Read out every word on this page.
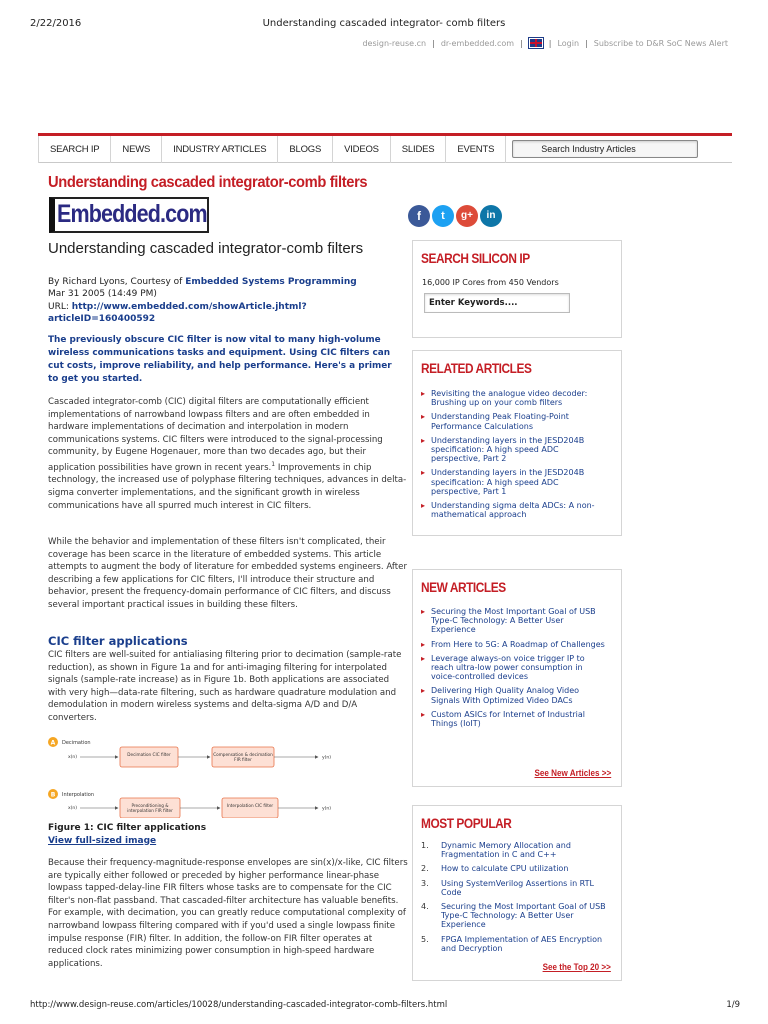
2/22/2016	Understanding cascaded integrator- comb filters
design-reuse.cn | dr-embedded.com |	| Login | Subscribe to D&R SoC News Alert
SEARCH IP	NEWS	INDUSTRY ARTICLES	BLOGS	VIDEOS	SLIDES	EVENTS	Search Industry Articles
Understanding cascaded integrator-comb filters
Embedded.com	f	t	g+	in
Understanding cascaded integrator-comb filters
By Richard Lyons, Courtesy of Embedded Systems Programming
Mar 31 2005 (14:49 PM)
URL: http://www.embedded.com/showArticle.jhtml?
articleID=160400592
The previously obscure CIC filter is now vital to many high-volume wireless communications tasks and equipment. Using CIC filters can cut costs, improve reliability, and help performance. Here's a primer to get you started.
Cascaded integrator-comb (CIC) digital filters are computationally efficient implementations of narrowband lowpass filters and are often embedded in hardware implementations of decimation and interpolation in modern communications systems. CIC filters were introduced to the signal-processing community, by Eugene Hogenauer, more than two decades ago, but their application possibilities have grown in recent years.$^1$ Improvements in chip technology, the increased use of polyphase filtering techniques, advances in delta-sigma converter implementations, and the significant growth in wireless communications have all spurred much interest in CIC filters.
While the behavior and implementation of these filters isn't complicated, their coverage has been scarce in the literature of embedded systems. This article attempts to augment the body of literature for embedded systems engineers. After describing a few applications for CIC filters, I'll introduce their structure and behavior, present the frequency-domain performance of CIC filters, and discuss several important practical issues in building these filters.
CIC filter applications
CIC filters are well-suited for antialiasing filtering prior to decimation (sample-rate reduction), as shown in Figure 1a and for anti-imaging filtering for interpolated signals (sample-rate increase) as in Figure 1b. Both applications are associated with very high—data-rate filtering, such as hardware quadrature modulation and demodulation in modern wireless systems and delta-sigma A/D and D/A converters.
A Decimation
x(n)
Decimation CIC filter	Compensation & decimation FIR filter	y(n)
B Interpolation
x(n)
Preconditioning & interpolation FIR filter
Interpolation CIC filter
y(n)
Figure 1: CIC filter applications
View full-sized image
Because their frequency-magnitude-response envelopes are sin(x)/x-like, CIC filters are typically either followed or preceded by higher performance linear-phase lowpass tapped-delay-line FIR filters whose tasks are to compensate for the CIC filter's non-flat passband. That cascaded-filter architecture has valuable benefits. For example, with decimation, you can greatly reduce computational complexity of narrowband lowpass filtering compared with if you'd used a single lowpass finite impulse response (FIR) filter. In addition, the follow-on FIR filter operates at reduced clock rates minimizing power consumption in high-speed hardware applications.
SEARCH SILICON IP
16,000 IP Cores from 450 Vendors
Enter Keywords....
RELATED ARTICLES
▸ Revisiting the analogue video decoder: Brushing up on your comb filters
▸ Understanding Peak Floating-Point Performance Calculations
▸ Understanding layers in the JESD204B specification: A high speed ADC perspective, Part 2
▸ Understanding layers in the JESD204B specification: A high speed ADC perspective, Part 1
▸ Understanding sigma delta ADCs: A non-mathematical approach
NEW ARTICLES
▸ Securing the Most Important Goal of USB Type-C Technology: A Better User Experience
▸ From Here to 5G: A Roadmap of Challenges
▸ Leverage always-on voice trigger IP to reach ultra-low power consumption in voice-controlled devices
▸ Delivering High Quality Analog Video Signals With Optimized Video DACs
▸ Custom ASICs for Internet of Industrial Things (IoIT)
See New Articles >>
MOST POPULAR
1.	Dynamic Memory Allocation and Fragmentation in C and C++
2.	How to calculate CPU utilization
3.	Using SystemVerilog Assertions in RTL Code
4.	Securing the Most Important Goal of USB Type-C Technology: A Better User Experience
5.	FPGA Implementation of AES Encryption and Decryption
See the Top 20 >>
http://www.design-reuse.com/articles/10028/understanding-cascaded-integrator-comb-filters.html	1/9
